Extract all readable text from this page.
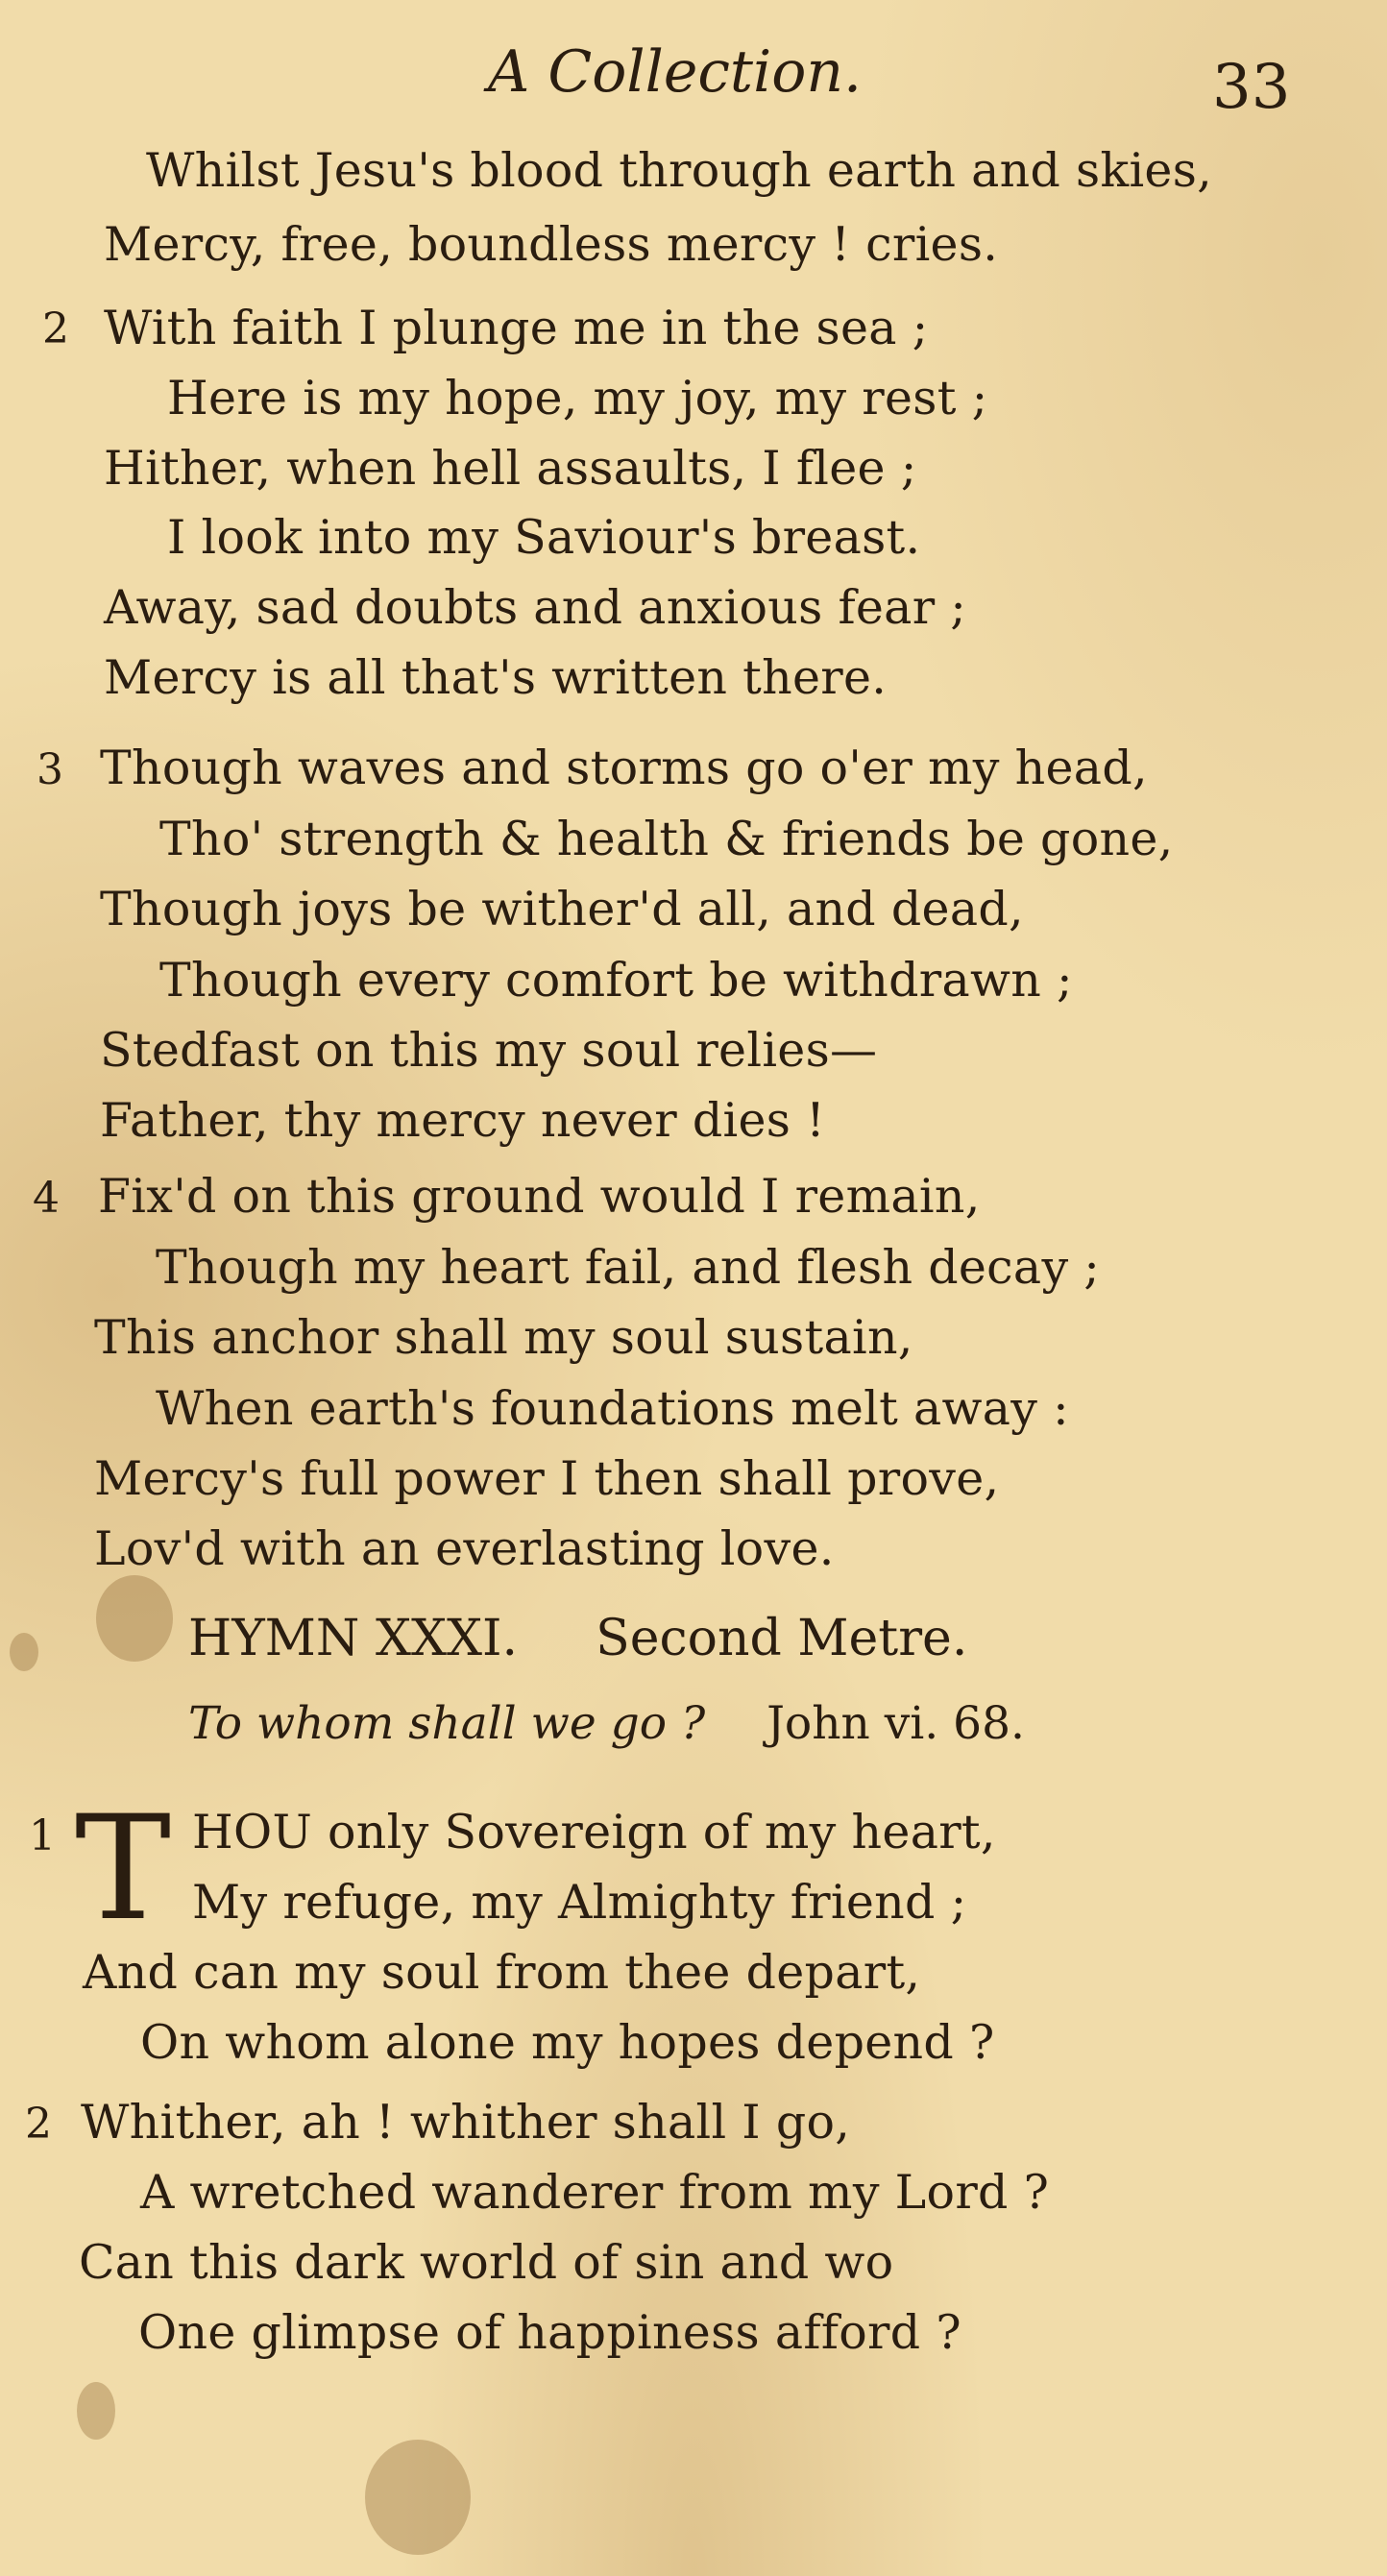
A Collection.	33
Whilst Jesu's blood through earth and skies,
Mercy, free, boundless mercy ! cries.
2 With faith I plunge me in the sea ;
Here is my hope, my joy, my rest ;
Hither, when hell assaults, I flee ;
I look into my Saviour's breast.
Away, sad doubts and anxious fear ;
Mercy is all that's written there.
3 Though waves and storms go o'er my head,
Tho' strength & health & friends be gone,
Though joys be wither'd all, and dead,
Though every comfort be withdrawn ;
Stedfast on this my soul relies—
Father, thy mercy never dies !
4 Fix'd on this ground would I remain,
Though my heart fail, and flesh decay ;
This anchor shall my soul sustain,
When earth's foundations melt away :
Mercy's full power I then shall prove,
Lov'd with an everlasting love.
HYMN XXXI. Second Metre.
To whom shall we go ? John vi. 68.
1 T HOU only Sovereign of my heart,
My refuge, my Almighty friend ;
And can my soul from thee depart,
On whom alone my hopes depend ?
2 Whither, ah ! whither shall I go,
A wretched wanderer from my Lord ?
Can this dark world of sin and wo
One glimpse of happiness afford ?
